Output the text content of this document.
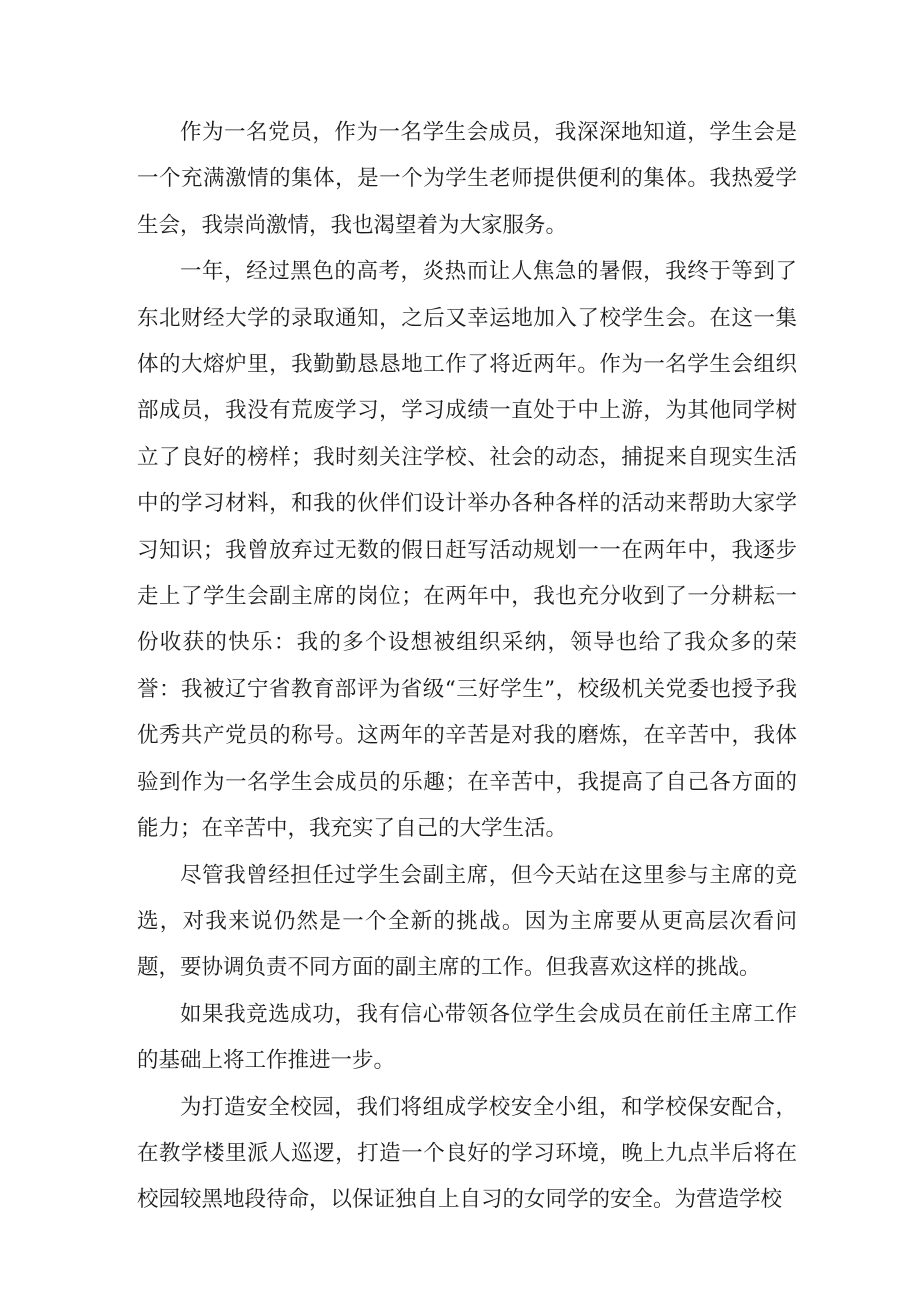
作为一名党员，作为一名学生会成员，我深深地知道，学生会是一个充满激情的集体，是一个为学生老师提供便利的集体。我热爱学生会，我崇尚激情，我也渴望着为大家服务。

一年，经过黑色的高考，炎热而让人焦急的暑假，我终于等到了东北财经大学的录取通知，之后又幸运地加入了校学生会。在这一集体的大熔炉里，我勤勤恳恳地工作了将近两年。作为一名学生会组织部成员，我没有荒废学习，学习成绩一直处于中上游，为其他同学树立了良好的榜样；我时刻关注学校、社会的动态，捕捉来自现实生活中的学习材料，和我的伙伴们设计举办各种各样的活动来帮助大家学习知识；我曾放弃过无数的假日赶写活动规划一一在两年中，我逐步走上了学生会副主席的岗位；在两年中，我也充分收到了一分耕耘一份收获的快乐：我的多个设想被组织采纳，领导也给了我众多的荣誉：我被辽宁省教育部评为省级“三好学生”，校级机关党委也授予我优秀共产党员的称号。这两年的辛苦是对我的磨炼，在辛苦中，我体验到作为一名学生会成员的乐趣；在辛苦中，我提高了自己各方面的能力；在辛苦中，我充实了自己的大学生活。

尽管我曾经担任过学生会副主席，但今天站在这里参与主席的竞选，对我来说仍然是一个全新的挑战。因为主席要从更高层次看问题，要协调负责不同方面的副主席的工作。但我喜欢这样的挑战。

如果我竞选成功，我有信心带领各位学生会成员在前任主席工作的基础上将工作推进一步。

为打造安全校园，我们将组成学校安全小组，和学校保安配合，在教学楼里派人巡逻，打造一个良好的学习环境，晚上九点半后将在校园较黑地段待命，以保证独自上自习的女同学的安全。为营造学校
